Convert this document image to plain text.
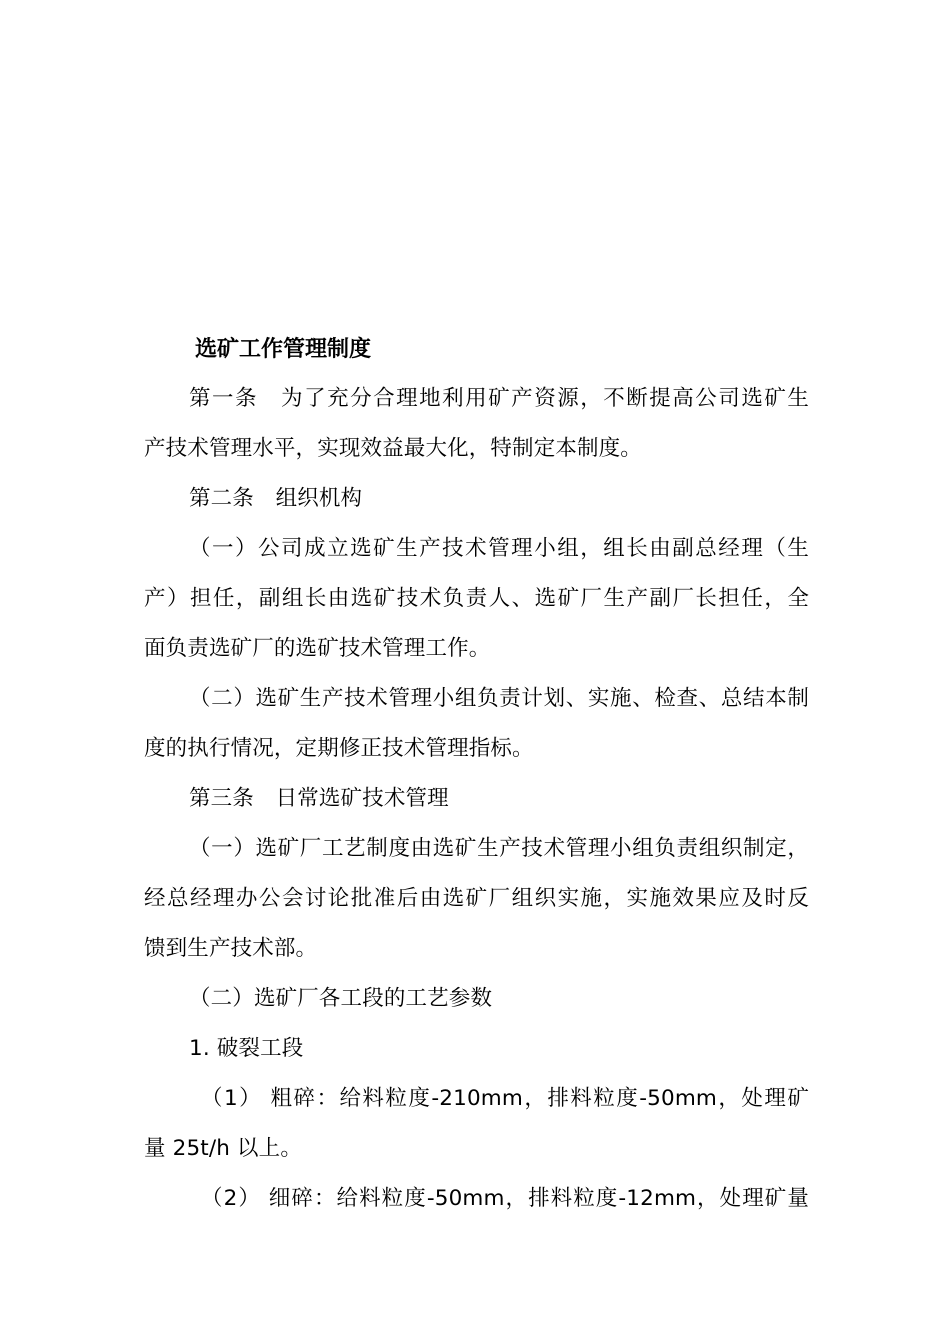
选矿工作管理制度
第一条　为了充分合理地利用矿产资源，不断提高公司选矿生
产技术管理水平，实现效益最大化，特制定本制度。
第二条　组织机构
（一）公司成立选矿生产技术管理小组，组长由副总经理（生
产）担任，副组长由选矿技术负责人、选矿厂生产副厂长担任，全
面负责选矿厂的选矿技术管理工作。
（二）选矿生产技术管理小组负责计划、实施、检查、总结本制
度的执行情况，定期修正技术管理指标。
第三条　日常选矿技术管理
（一）选矿厂工艺制度由选矿生产技术管理小组负责组织制定，
经总经理办公会讨论批准后由选矿厂组织实施，实施效果应及时反
馈到生产技术部。
（二）选矿厂各工段的工艺参数
1. 破裂工段
（1） 粗碎：给料粒度-210mm，排料粒度-50mm，处理矿
量 25t/h 以上。
（2） 细碎：给料粒度-50mm，排料粒度-12mm，处理矿量
